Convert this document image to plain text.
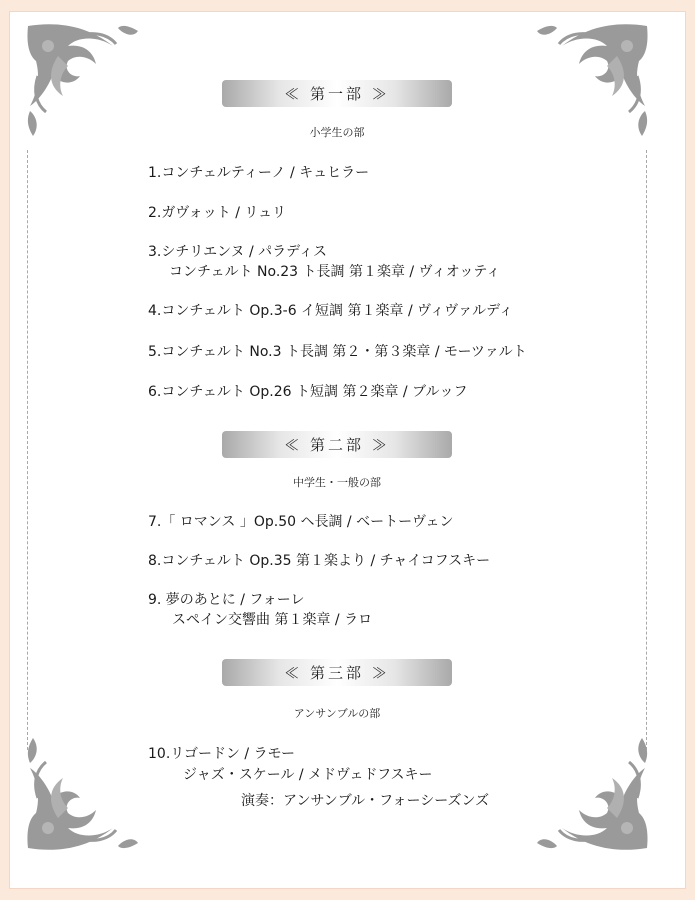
≪ 第一部 ≫
小学生の部
1.コンチェルティーノ / キュヒラー
2.ガヴォット / リュリ
3.シチリエンヌ / パラディス
コンチェルト No.23 ト長調 第１楽章 / ヴィオッティ
4.コンチェルト Op.3-6 イ短調 第１楽章 / ヴィヴァルディ
5.コンチェルト No.3 ト長調 第２・第３楽章 / モーツァルト
6.コンチェルト Op.26 ト短調 第２楽章 / ブルッフ
≪ 第二部 ≫
中学生・一般の部
7.「 ロマンス 」Op.50 ヘ長調 / ベートーヴェン
8.コンチェルト Op.35 第１楽より / チャイコフスキー
9. 夢のあとに / フォーレ
スペイン交響曲 第１楽章 / ラロ
≪ 第三部 ≫
アンサンブルの部
10.リゴードン / ラモー
ジャズ・スケール / メドヴェドフスキー
演奏：アンサンブル・フォーシーズンズ
